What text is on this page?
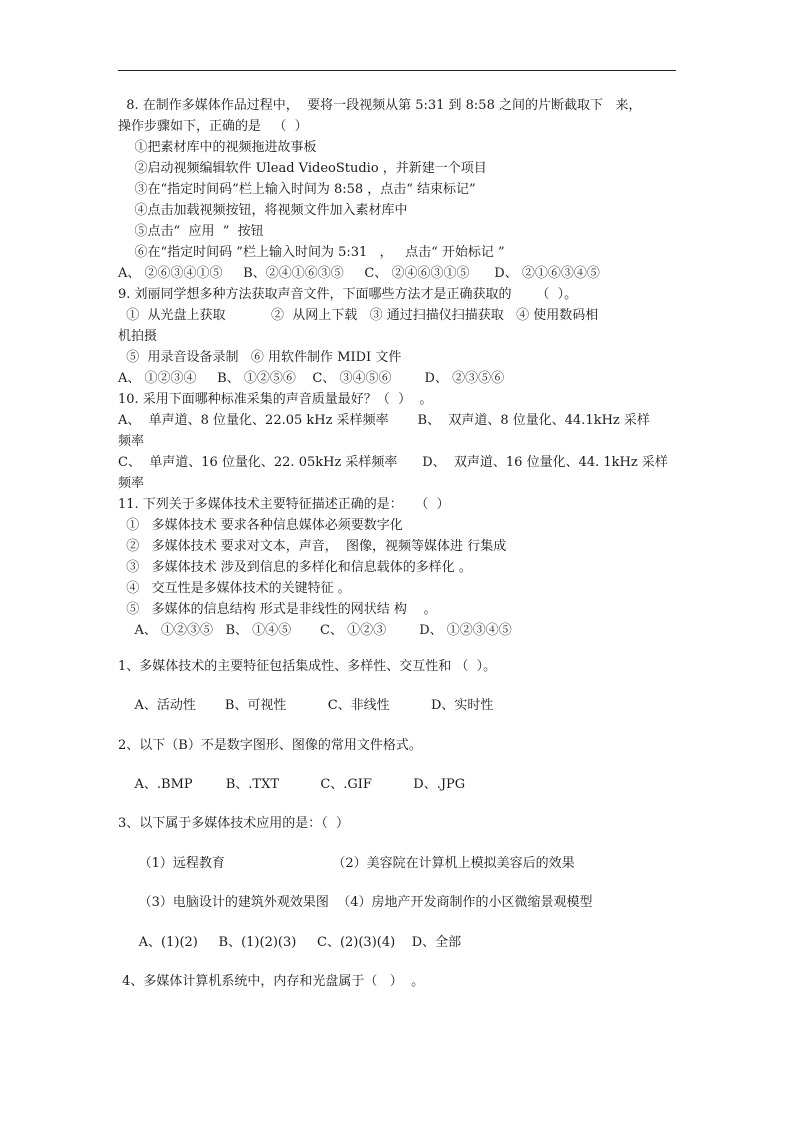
8. 在制作多媒体作品过程中，  要将一段视频从第 5:31 到 8:58 之间的片断截取下   来，
操作步骤如下，正确的是   （  ）
①把素材库中的视频拖进故事板
②启动视频编辑软件 Ulead VideoStudio ，并新建一个项目
③在“指定时间码”栏上输入时间为 8:58 ，点击“ 结束标记”
④点击加载视频按钮，将视频文件加入素材库中
⑤点击“  应用  ”  按钮
⑥在“指定时间码 ”栏上输入时间为 5:31   ，   点击“ 开始标记 ”
A、 ②⑥③④①⑤     B、②④①⑥③⑤     C、 ②④⑥③①⑤      D、 ②①⑥③④⑤
9. 刘丽同学想多种方法获取声音文件，下面哪些方法才是正确获取的      （  ）。
①  从光盘上获取           ②  从网上下载   ③ 通过扫描仪扫描获取   ④ 使用数码相
机拍摄
⑤  用录音设备录制   ⑥ 用软件制作 MIDI 文件
A、 ①②③④     B、 ①②⑤⑥    C、 ③④⑤⑥        D、 ②③⑤⑥
10. 采用下面哪种标准采集的声音质量最好？（  ）  。
A、  单声道、8 位量化、22.05 kHz 采样频率       B、  双声道、8 位量化、44.1kHz 采样
频率
C、  单声道、16 位量化、22. 05kHz 采样频率      D、  双声道、16 位量化、44. 1kHz 采样
频率
11. 下列关于多媒体技术主要特征描述正确的是：   （  ）
①   多媒体技术 要求各种信息媒体必须要数字化
②   多媒体技术 要求对文本，声音，  图像，视频等媒体进 行集成
③   多媒体技术 涉及到信息的多样化和信息载体的多样化 。
④   交互性是多媒体技术的关键特征 。
⑤   多媒体的信息结构 形式是非线性的网状结 构    。
A、 ①②③⑤   B、 ①④⑤       C、 ①②③        D、 ①②③④⑤
1、多媒体技术的主要特征包括集成性、多样性、交互性和 （  ）。
A、活动性       B、可视性          C、非线性          D、实时性
2、以下（B）不是数字图形、图像的常用文件格式。
A、.BMP        B、.TXT          C、.GIF          D、.JPG
3、以下属于多媒体技术应用的是：（  ）
（1）远程教育                          （2）美容院在计算机上模拟美容后的效果
（3）电脑设计的建筑外观效果图  （4）房地产开发商制作的小区微缩景观模型
A、(1)(2)     B、(1)(2)(3)     C、(2)(3)(4)    D、全部
4、多媒体计算机系统中，内存和光盘属于（   ）  。
